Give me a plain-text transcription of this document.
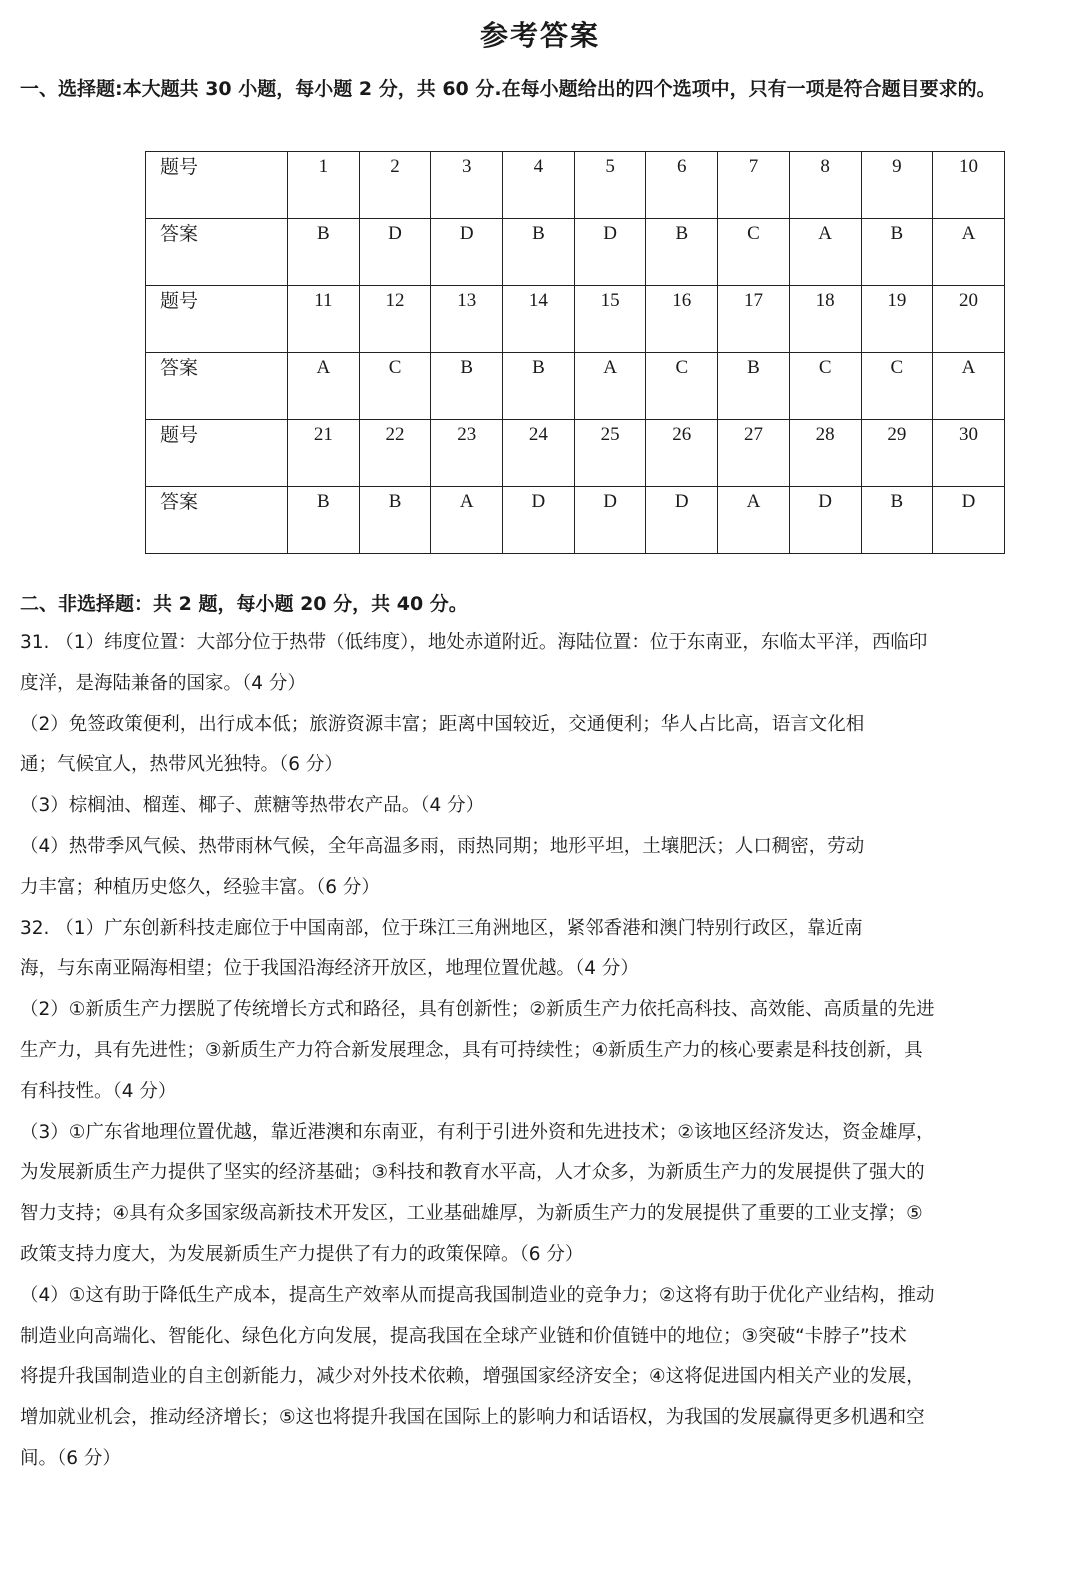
参考答案
一、选择题:本大题共 30 小题，每小题 2 分，共 60 分.在每小题给出的四个选项中，只有一项是符合题目要求的。
题号	1	2	3	4	5	6	7	8	9	10
答案	B	D	D	B	D	B	C	A	B	A
题号	11	12	13	14	15	16	17	18	19	20
答案	A	C	B	B	A	C	B	C	C	A
题号	21	22	23	24	25	26	27	28	29	30
答案	B	B	A	D	D	D	A	D	B	D
二、非选择题：共 2 题，每小题 20 分，共 40 分。

31. （1）纬度位置：大部分位于热带（低纬度），地处赤道附近。海陆位置：位于东南亚，东临太平洋，西临印

度洋，是海陆兼备的国家。（4 分）

（2）免签政策便利，出行成本低；旅游资源丰富；距离中国较近，交通便利；华人占比高，语言文化相

通；气候宜人，热带风光独特。（6 分）

（3）棕榈油、榴莲、椰子、蔗糖等热带农产品。（4 分）

（4）热带季风气候、热带雨林气候，全年高温多雨，雨热同期；地形平坦，土壤肥沃；人口稠密，劳动

力丰富；种植历史悠久，经验丰富。（6 分）

32. （1）广东创新科技走廊位于中国南部，位于珠江三角洲地区，紧邻香港和澳门特别行政区，靠近南

海，与东南亚隔海相望；位于我国沿海经济开放区，地理位置优越。（4 分）

（2）①新质生产力摆脱了传统增长方式和路径，具有创新性；②新质生产力依托高科技、高效能、高质量的先进

生产力，具有先进性；③新质生产力符合新发展理念，具有可持续性；④新质生产力的核心要素是科技创新，具

有科技性。（4 分）

（3）①广东省地理位置优越，靠近港澳和东南亚，有利于引进外资和先进技术；②该地区经济发达，资金雄厚，

为发展新质生产力提供了坚实的经济基础；③科技和教育水平高，人才众多，为新质生产力的发展提供了强大的

智力支持；④具有众多国家级高新技术开发区，工业基础雄厚，为新质生产力的发展提供了重要的工业支撑；⑤

政策支持力度大，为发展新质生产力提供了有力的政策保障。（6 分）

（4）①这有助于降低生产成本，提高生产效率从而提高我国制造业的竞争力；②这将有助于优化产业结构，推动

制造业向高端化、智能化、绿色化方向发展，提高我国在全球产业链和价值链中的地位；③突破“卡脖子”技术

将提升我国制造业的自主创新能力，减少对外技术依赖，增强国家经济安全；④这将促进国内相关产业的发展，

增加就业机会，推动经济增长；⑤这也将提升我国在国际上的影响力和话语权，为我国的发展赢得更多机遇和空

间。（6 分）
